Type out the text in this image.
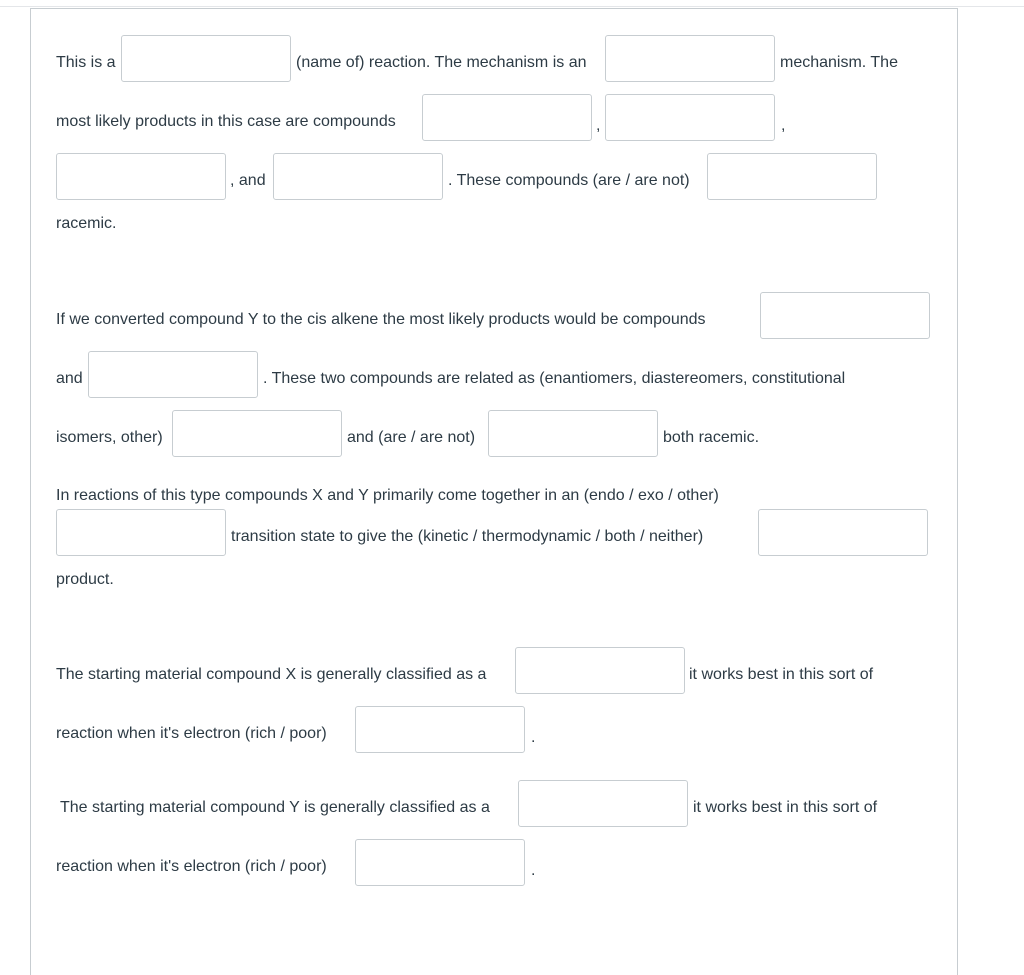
This is a	(name of) reaction. The mechanism is an	mechanism. The
most likely products in this case are compounds	,	,
, and	. These compounds (are / are not)
racemic.
If we converted compound Y to the cis alkene the most likely products would be compounds
and	. These two compounds are related as (enantiomers, diastereomers, constitutional
isomers, other)	and (are / are not)	both racemic.
In reactions of this type compounds X and Y primarily come together in an (endo / exo / other)
transition state to give the (kinetic / thermodynamic / both / neither)
product.
The starting material compound X is generally classified as a	it works best in this sort of
reaction when it's electron (rich / poor)	.
The starting material compound Y is generally classified as a	it works best in this sort of
reaction when it's electron (rich / poor)	.
